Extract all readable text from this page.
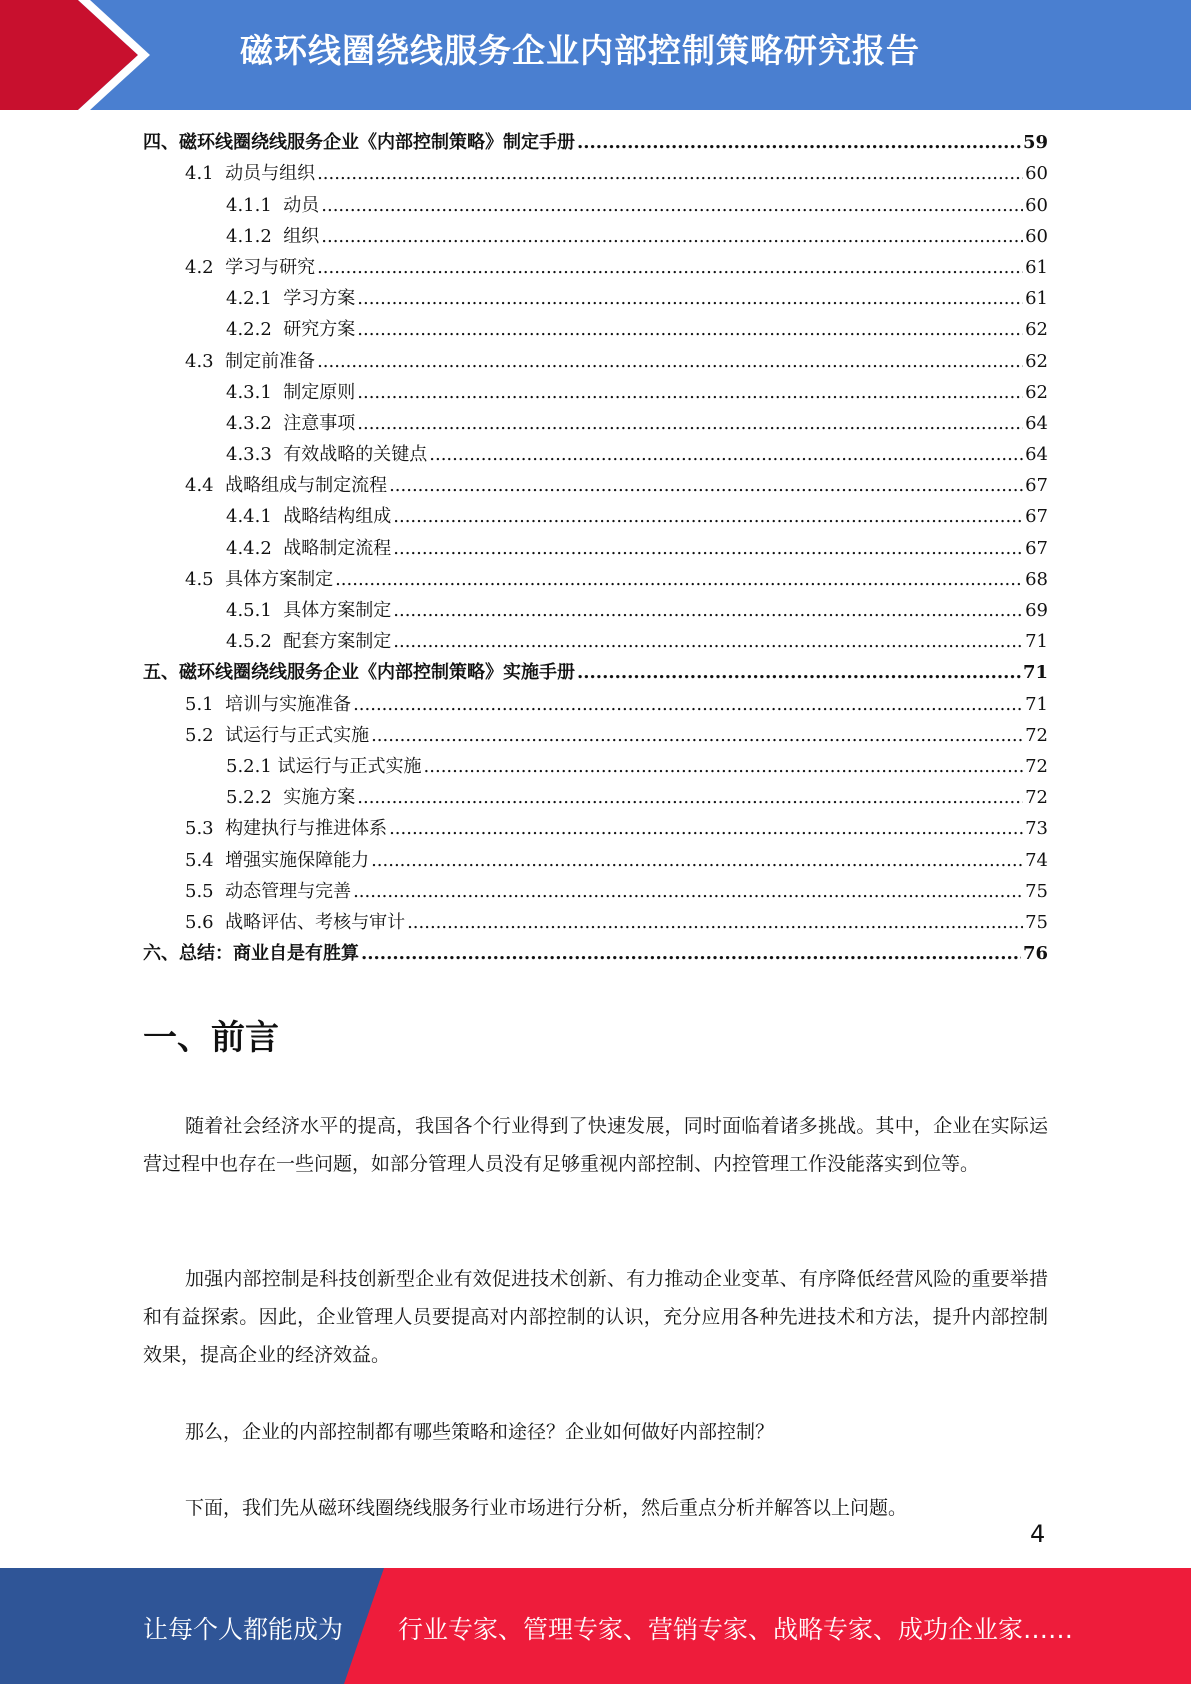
磁环线圈绕线服务企业内部控制策略研究报告
四、 磁环线圈绕线服务企业《内部控制策略》制定手册 .....	59
4.1 动员与组织 .....	60
4.1.1 动员 .....	60
4.1.2 组织 .....	60
4.2 学习与研究 .....	61
4.2.1 学习方案 .....	61
4.2.2 研究方案 .....	62
4.3 制定前准备 .....	62
4.3.1 制定原则 .....	62
4.3.2 注意事项 .....	64
4.3.3 有效战略的关键点 .....	64
4.4 战略组成与制定流程 .....	67
4.4.1 战略结构组成 .....	67
4.4.2 战略制定流程 .....	67
4.5 具体方案制定 .....	68
4.5.1 具体方案制定 .....	69
4.5.2 配套方案制定 .....	71
五、 磁环线圈绕线服务企业《内部控制策略》实施手册 .....	71
5.1 培训与实施准备 .....	71
5.2 试运行与正式实施 .....	72
5.2.1 试运行与正式实施 .....	72
5.2.2 实施方案 .....	72
5.3 构建执行与推进体系 .....	73
5.4 增强实施保障能力 .....	74
5.5 动态管理与完善 .....	75
5.6 战略评估、考核与审计 .....	75
六、 总结：商业自是有胜算 .....	76
一、前言
随着社会经济水平的提高，我国各个行业得到了快速发展，同时面临着诸多挑战。其中，企业在实际运营过程中也存在一些问题，如部分管理人员没有足够重视内部控制、内控管理工作没能落实到位等。
加强内部控制是科技创新型企业有效促进技术创新、有力推动企业变革、有序降低经营风险的重要举措和有益探索。因此，企业管理人员要提高对内部控制的认识，充分应用各种先进技术和方法，提升内部控制效果，提高企业的经济效益。
那么，企业的内部控制都有哪些策略和途径？企业如何做好内部控制？
下面，我们先从磁环线圈绕线服务行业市场进行分析，然后重点分析并解答以上问题。
4
让每个人都能成为 行业专家、管理专家、营销专家、战略专家、成功企业家……
